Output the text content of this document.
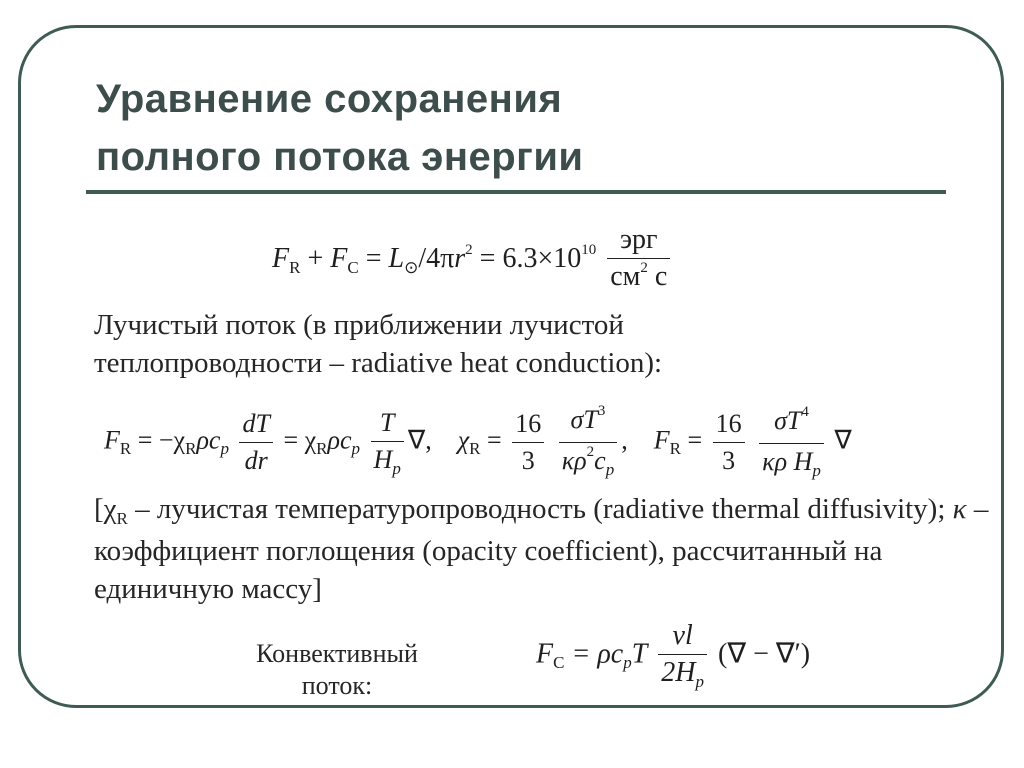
Уравнение сохранения
полного потока энергии
$F_R + F_C = L_⊙/4\pi r^2 = 6.3\times 10^{10} \frac{\text{эрг}}{см^2 с}$
Лучистый поток (в приближении лучистой теплопроводности – radiative heat conduction):
$F_R = -\chi_R\rho c_p \frac{dT}{dr} = \chi_R\rho c_p \frac{T}{H_p}$ ∇, $\chi_R = \frac{16}{3}$
$\frac{\sigma T^3}{\kappa\rho^2c_p}$ , $F_R = \frac{16}{3}$
$\frac{\sigma T^4}{\kappa\rho H_p}$ ∇
[$\chi_R$ – лучистая температуропроводность (radiative thermal diffusivity); κ – коэффициент поглощения (opacity coefficient), рассчитанный на единичную массу]
Конвективный поток:
$F_C = \rho c_pT \frac{vl}{2H_p}$ (∇ − ∇′)
